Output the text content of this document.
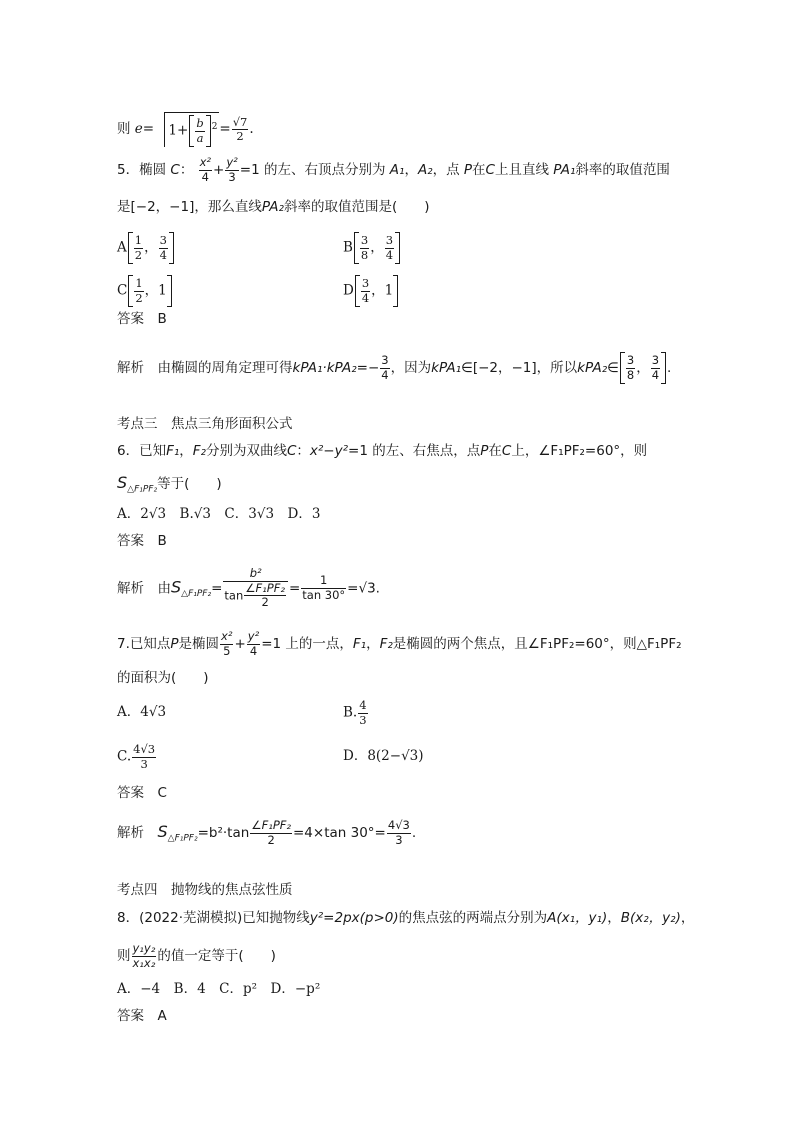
则 $e= 1+ \frac{b}{a} ^2 = \frac{√7}{2}$ .
5．椭圆 C： $\frac{\text{x²}}{4} + \frac{\text{y²}}{3} =1$ 的左、右顶点分别为 A₁，A₂，点 P在C上且直线 PA₁斜率的取值范围
是[−2，−1]，那么直线PA₂斜率的取值范围是(　　)
A $\frac{1}{2}$ ， $\frac{3}{4}$	B $\frac{3}{8}$ ， $\frac{3}{4}$
C $\frac{1}{2}$ ，1	D $\frac{3}{4}$ ，1
答案　B
解析　由椭圆的周角定理可得$kPA_1\cdot kPA_2=- \frac{3}{4}$ ，因为kPA₁∈[−2，−1]，所以kPA₂∈ $\frac{3}{8}$ ， $\frac{3}{4}$ .
考点三　焦点三角形面积公式
6．已知F₁，F₂分别为双曲线C：x²−y²=1 的左、右焦点，点P在C上，∠F₁PF₂=60°，则
$S_{\triangle F_1PF_2}$等于(　　)
A．2√3　B.√3　C．3√3　D．3
答案　B
解析　由$S_{\triangle F_1PF_2}= \frac{\text{b²}}{\tan \frac{\text{∠F₁PF₂}}{2}} = \frac{1}{\tan 30^\circ} =√3$.
7.已知点P是椭圆 $\frac{\text{x²}}{5} + \frac{\text{y²}}{4} =1$ 上的一点，F₁，F₂是椭圆的两个焦点，且∠F₁PF₂=60°，则△F₁PF₂
的面积为(　　)
A．4√3	B. $\frac{4}{3}$
C. $\frac{4√3}{3}$	D．8(2−√3)
答案　C
解析　$S_{\triangle F_1PF_2}=b^2\cdot\tan \frac{\text{∠F₁PF₂}}{2} =4\times\tan$ $30^\circ= \frac{4√3}{3}$ .
考点四　抛物线的焦点弦性质
8．(2022·芜湖模拟)已知抛物线y²=2px(p>0)的焦点弦的两端点分别为A(x₁，y₁)，B(x₂，y₂)，
则 $\frac{\text{y₁y₂}}{\text{x₁x₂}}$ 的值一定等于(　　)
A．−4　B．4　C．p²　D．−p²
答案　A
